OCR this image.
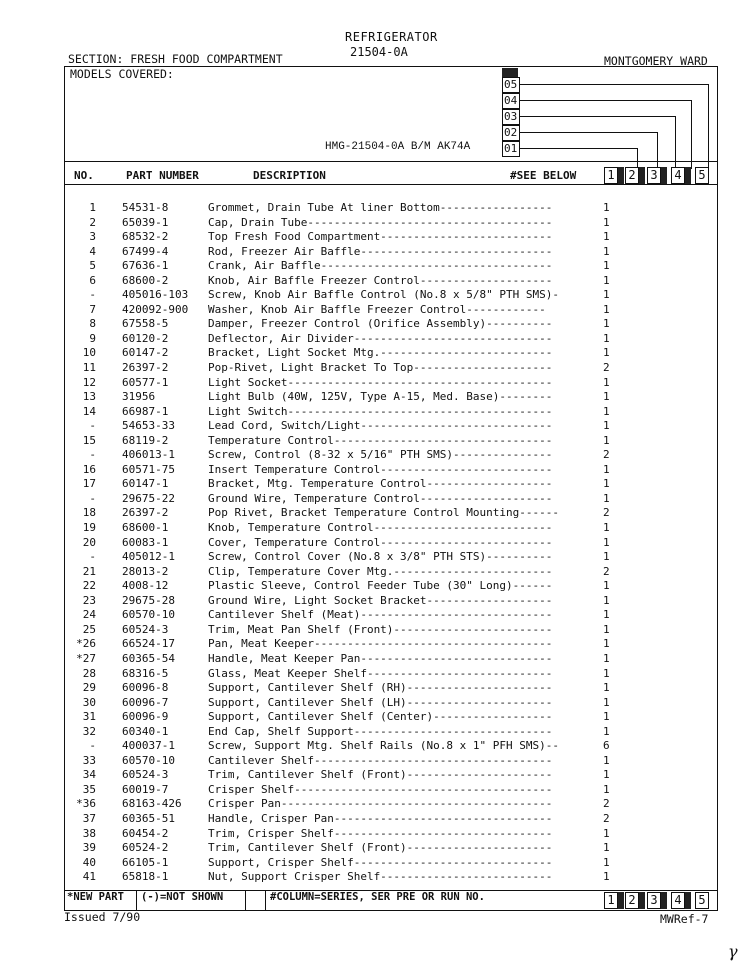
REFRIGERATOR
21504-0A
SECTION: FRESH FOOD COMPARTMENT	MONTGOMERY WARD
MODELS COVERED:
HMG-21504-0A B/M AK74A
05
04
03
02
01
NO.	PART NUMBER	DESCRIPTION	#SEE BELOW	1 2 3 4 5
1 54531-8	Grommet, Drain Tube At liner Bottom-----------------	1
2 65039-1	Cap, Drain Tube-------------------------------------	1
3 68532-2	Top Fresh Food Compartment--------------------------	1
4 67499-4	Rod, Freezer Air Baffle-----------------------------	1
5 67636-1	Crank, Air Baffle-----------------------------------	1
6 68600-2	Knob, Air Baffle Freezer Control--------------------	1
- 405016-103 Screw, Knob Air Baffle Control (No.8 x 5/8" PTH SMS)-	1
7 420092-900 Washer, Knob Air Baffle Freezer Control------------	1
8 67558-5	Damper, Freezer Control (Orifice Assembly)----------	1
9 60120-2	Deflector, Air Divider------------------------------	1
10 60147-2	Bracket, Light Socket Mtg.--------------------------	1
11 26397-2	Pop-Rivet, Light Bracket To Top---------------------	2
12 60577-1	Light Socket----------------------------------------	1
13 31956	Light Bulb (40W, 125V, Type A-15, Med. Base)--------	1
14 66987-1	Light Switch----------------------------------------	1
- 54653-33	Lead Cord, Switch/Light-----------------------------	1
15 68119-2	Temperature Control---------------------------------	1
- 406013-1	Screw, Control (8-32 x 5/16" PTH SMS)---------------	2
16 60571-75	Insert Temperature Control--------------------------	1
17 60147-1	Bracket, Mtg. Temperature Control-------------------	1
- 29675-22	Ground Wire, Temperature Control--------------------	1
18 26397-2	Pop Rivet, Bracket Temperature Control Mounting------	2
19 68600-1	Knob, Temperature Control---------------------------	1
20 60083-1	Cover, Temperature Control--------------------------	1
- 405012-1	Screw, Control Cover (No.8 x 3/8" PTH STS)----------	1
21 28013-2	Clip, Temperature Cover Mtg.------------------------	2
22 4008-12	Plastic Sleeve, Control Feeder Tube (30" Long)------	1
23 29675-28	Ground Wire, Light Socket Bracket-------------------	1
24 60570-10	Cantilever Shelf (Meat)-----------------------------	1
25 60524-3	Trim, Meat Pan Shelf (Front)------------------------	1
*26 66524-17	Pan, Meat Keeper------------------------------------	1
*27 60365-54	Handle, Meat Keeper Pan-----------------------------	1
28 68316-5	Glass, Meat Keeper Shelf----------------------------	1
29 60096-8	Support, Cantilever Shelf (RH)----------------------	1
30 60096-7	Support, Cantilever Shelf (LH)----------------------	1
31 60096-9	Support, Cantilever Shelf (Center)------------------	1
32 60340-1	End Cap, Shelf Support------------------------------	1
- 400037-1	Screw, Support Mtg. Shelf Rails (No.8 x 1" PFH SMS)--	6
33 60570-10	Cantilever Shelf------------------------------------	1
34 60524-3	Trim, Cantilever Shelf (Front)----------------------	1
35 60019-7	Crisper Shelf---------------------------------------	1
*36 68163-426 Crisper Pan-----------------------------------------	2
37 60365-51	Handle, Crisper Pan---------------------------------	2
38 60454-2	Trim, Crisper Shelf---------------------------------	1
39 60524-2	Trim, Cantilever Shelf (Front)----------------------	1
40 66105-1	Support, Crisper Shelf------------------------------	1
41 65818-1	Nut, Support Crisper Shelf--------------------------	1
*NEW PART (-)=NOT SHOWN	#COLUMN=SERIES, SER PRE OR RUN NO.	1 2 3 4 5
Issued 7/90	MWRef-7
γ
